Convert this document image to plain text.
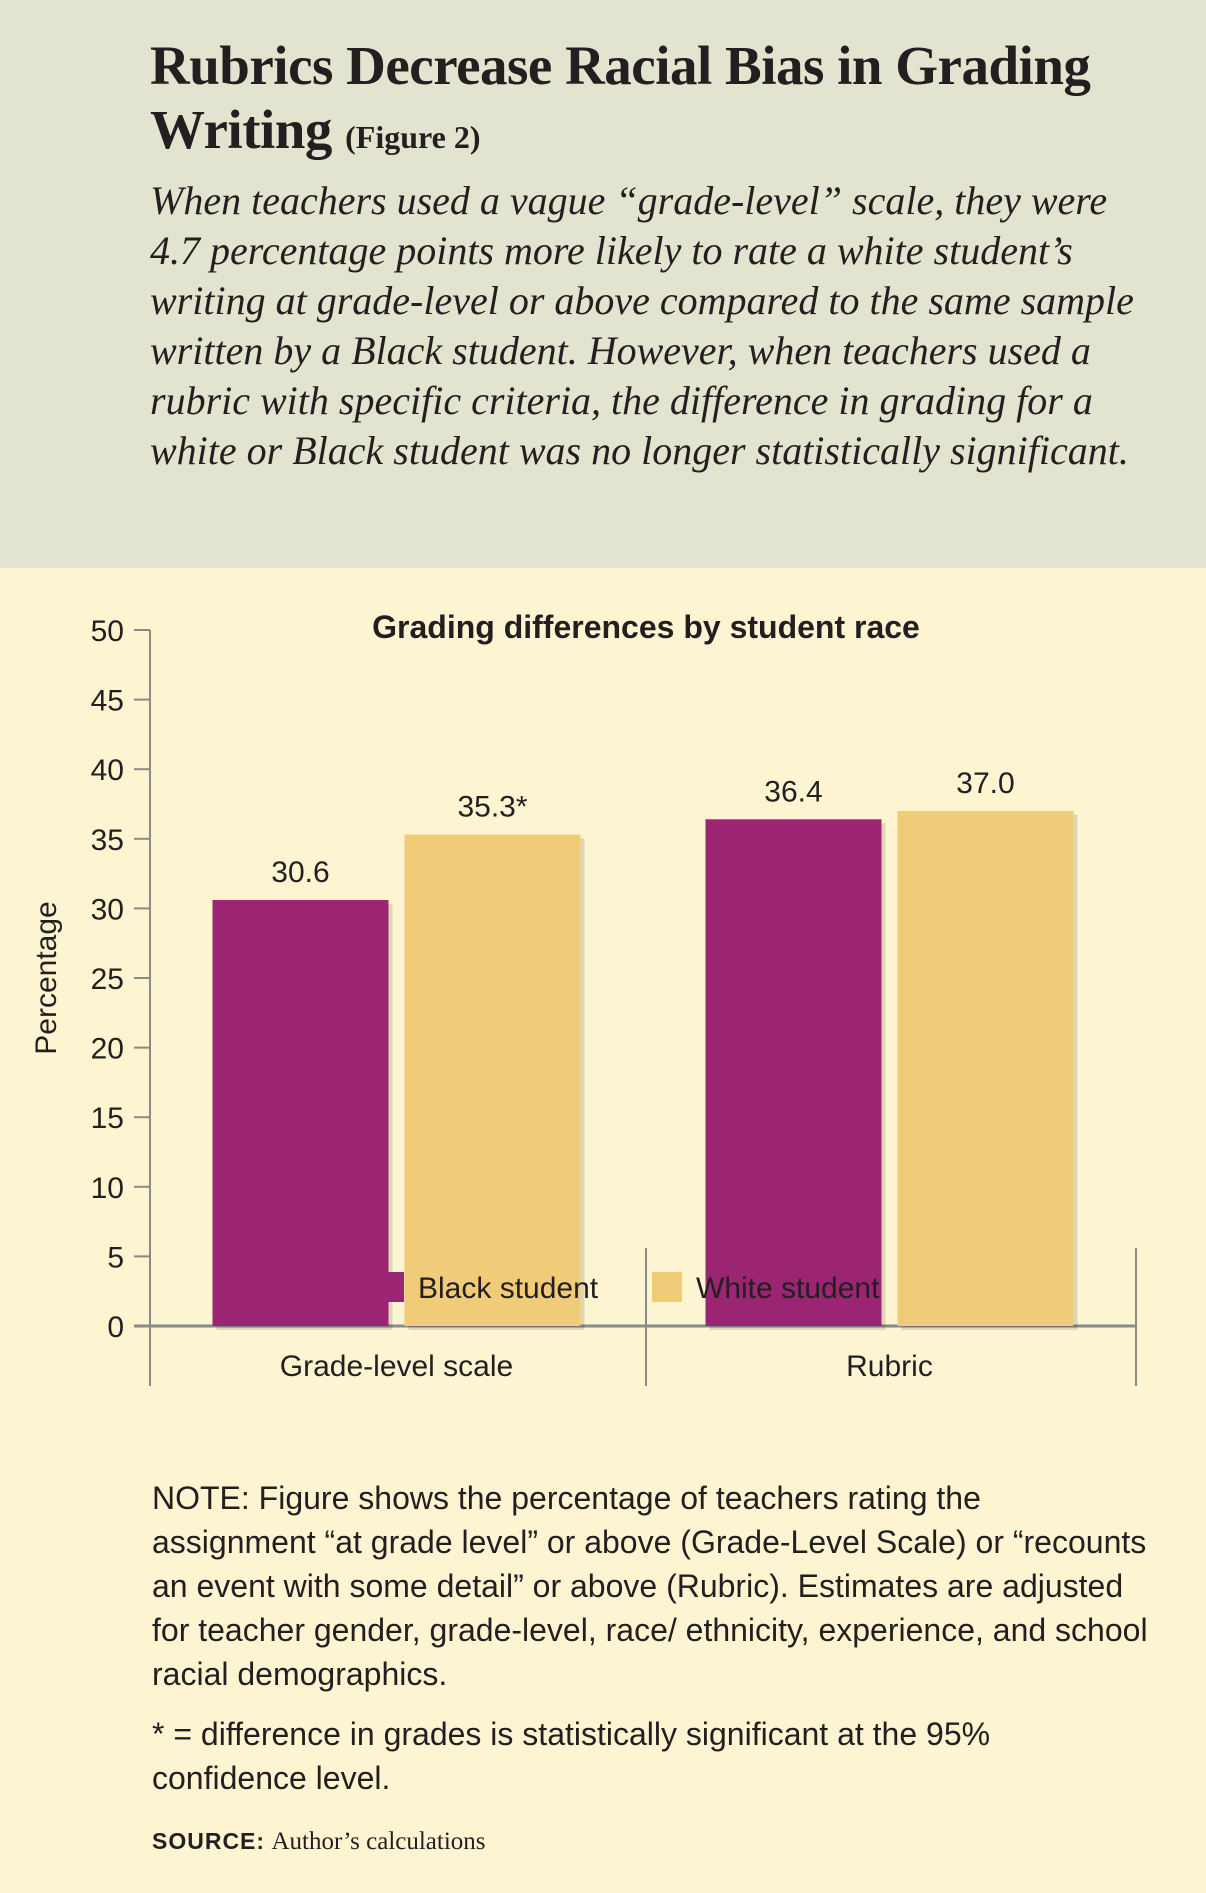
Rubrics Decrease Racial Bias in Grading Writing (Figure 2)
When teachers used a vague “grade-level” scale, they were 4.7 percentage points more likely to rate a white student’s writing at grade-level or above compared to the same sample written by a Black student. However, when teachers used a rubric with specific criteria, the difference in grading for a white or Black student was no longer statistically significant.
Grading differences by student race
Percentage
0
5
10
15
20
25
30
35
40
45
50
30.6
35.3*
Grade-level scale
36.4	37.0
Rubric
Black student	White student
NOTE: Figure shows the percentage of teachers rating the assignment “at grade level” or above (Grade-Level Scale) or “recounts an event with some detail” or above (Rubric). Estimates are adjusted for teacher gender, grade-level, race/ ethnicity, experience, and school racial demographics.
* = difference in grades is statistically significant at the 95% confidence level.
SOURCE: Author’s calculations
